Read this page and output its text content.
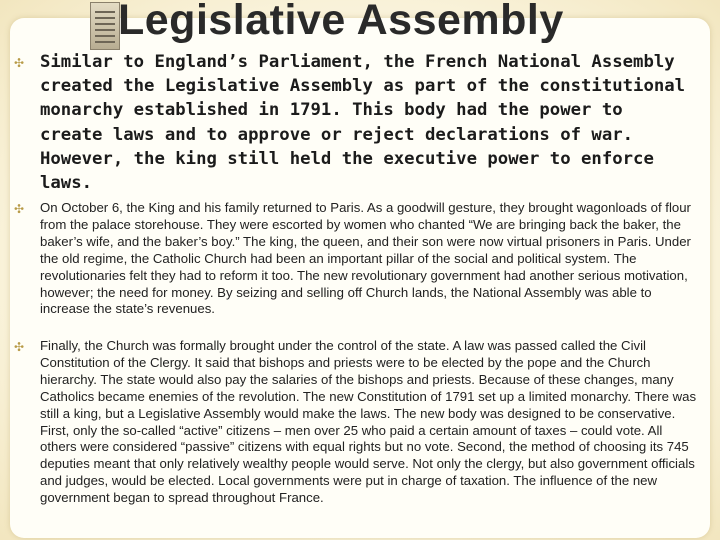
Legislative Assembly
✣ Similar to England’s Parliament, the French National Assembly created the Legislative Assembly as part of the constitutional monarchy established in 1791. This body had the power to create laws and to approve or reject declarations of war. However, the king still held the executive power to enforce laws.

✣	On October 6, the King and his family returned to Paris. As a goodwill gesture, they brought wagonloads of flour from the palace storehouse. They were escorted by women who chanted “We are bringing back the baker, the baker’s wife, and the baker’s boy.” The king, the queen, and their son were now virtual prisoners in Paris. Under the old regime, the Catholic Church had been an important pillar of the social and political system. The revolutionaries felt they had to reform it too. The new revolutionary government had another serious motivation, however; the need for money. By seizing and selling off Church lands, the National Assembly was able to increase the state’s revenues.

✣	Finally, the Church was formally brought under the control of the state. A law was passed called the Civil Constitution of the Clergy. It said that bishops and priests were to be elected by the pope and the Church hierarchy. The state would also pay the salaries of the bishops and priests. Because of these changes, many Catholics became enemies of the revolution. The new Constitution of 1791 set up a limited monarchy. There was still a king, but a Legislative Assembly would make the laws. The new body was designed to be conservative. First, only the so-called “active” citizens – men over 25 who paid a certain amount of taxes – could vote. All others were considered “passive” citizens with equal rights but no vote. Second, the method of choosing its 745 deputies meant that only relatively wealthy people would serve. Not only the clergy, but also government officials and judges, would be elected. Local governments were put in charge of taxation. The influence of the new government began to spread throughout France.
